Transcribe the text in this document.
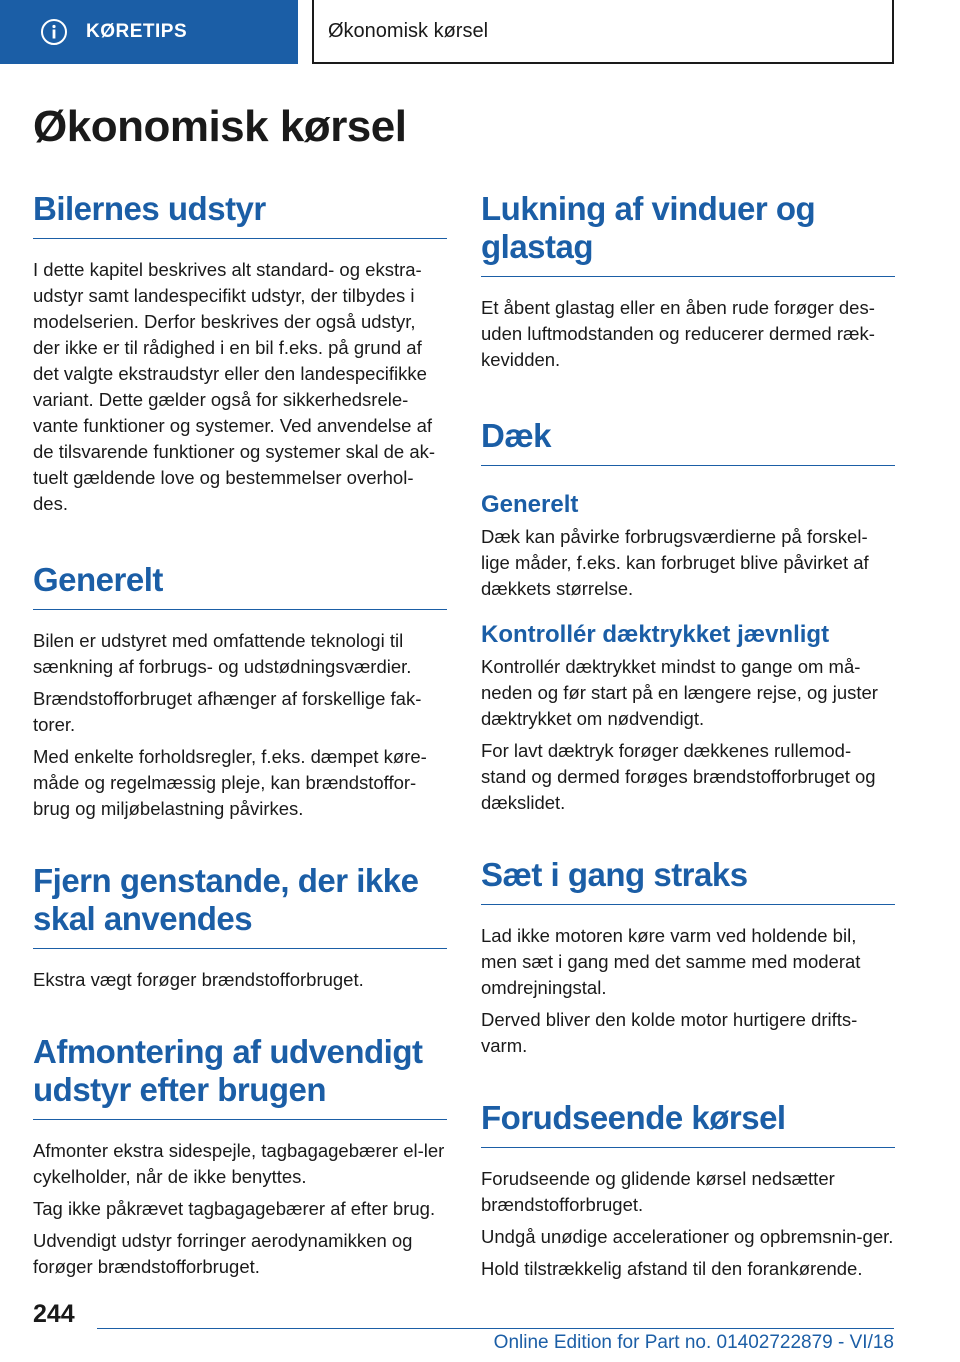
KØRETIPS	Økonomisk kørsel
Økonomisk kørsel
Bilernes udstyr

I dette kapitel beskrives alt standard- og ekstra-udstyr samt landespecifikt udstyr, der tilbydes i modelserien. Derfor beskrives der også udstyr, der ikke er til rådighed i en bil f.eks. på grund af det valgte ekstraudstyr eller den landespecifikke variant. Dette gælder også for sikkerhedsrele-vante funktioner og systemer. Ved anvendelse af de tilsvarende funktioner og systemer skal de ak-tuelt gældende love og bestemmelser overhol-des.

Generelt

Bilen er udstyret med omfattende teknologi til sænkning af forbrugs- og udstødningsværdier.

Brændstofforbruget afhænger af forskellige fak-torer.

Med enkelte forholdsregler, f.eks. dæmpet køre-måde og regelmæssig pleje, kan brændstoffor-brug og miljøbelastning påvirkes.

Fjern genstande, der ikke skal anvendes

Ekstra vægt forøger brændstofforbruget.

Afmontering af udvendigt udstyr efter brugen

Afmonter ekstra sidespejle, tagbagagebærer el-ler cykelholder, når de ikke benyttes.

Tag ikke påkrævet tagbagagebærer af efter brug.

Udvendigt udstyr forringer aerodynamikken og forøger brændstofforbruget.

Lukning af vinduer og glastag

Et åbent glastag eller en åben rude forøger des-uden luftmodstanden og reducerer dermed ræk-kevidden.

Dæk
Generelt

Dæk kan påvirke forbrugsværdierne på forskel-lige måder, f.eks. kan forbruget blive påvirket af dækkets størrelse.

Kontrollér dæktrykket jævnligt

Kontrollér dæktrykket mindst to gange om må-neden og før start på en længere rejse, og juster dæktrykket om nødvendigt.

For lavt dæktryk forøger dækkenes rullemod-stand og dermed forøges brændstofforbruget og dækslidet.

Sæt i gang straks

Lad ikke motoren køre varm ved holdende bil, men sæt i gang med det samme med moderat omdrejningstal.

Derved bliver den kolde motor hurtigere drifts-varm.

Forudseende kørsel

Forudseende og glidende kørsel nedsætter brændstofforbruget.

Undgå unødige accelerationer og opbremsnin-ger.

Hold tilstrækkelig afstand til den forankørende.

244
Online Edition for Part no. 01402722879 - VI/18
